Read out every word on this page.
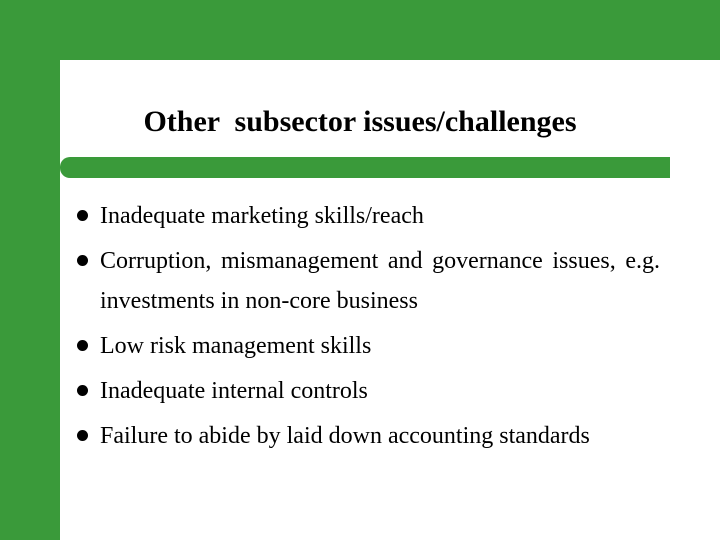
Other  subsector issues/challenges
Inadequate marketing skills/reach
Corruption, mismanagement and governance issues, e.g. investments in non-core business
Low risk management skills
Inadequate internal controls
Failure to abide by laid down accounting standards
